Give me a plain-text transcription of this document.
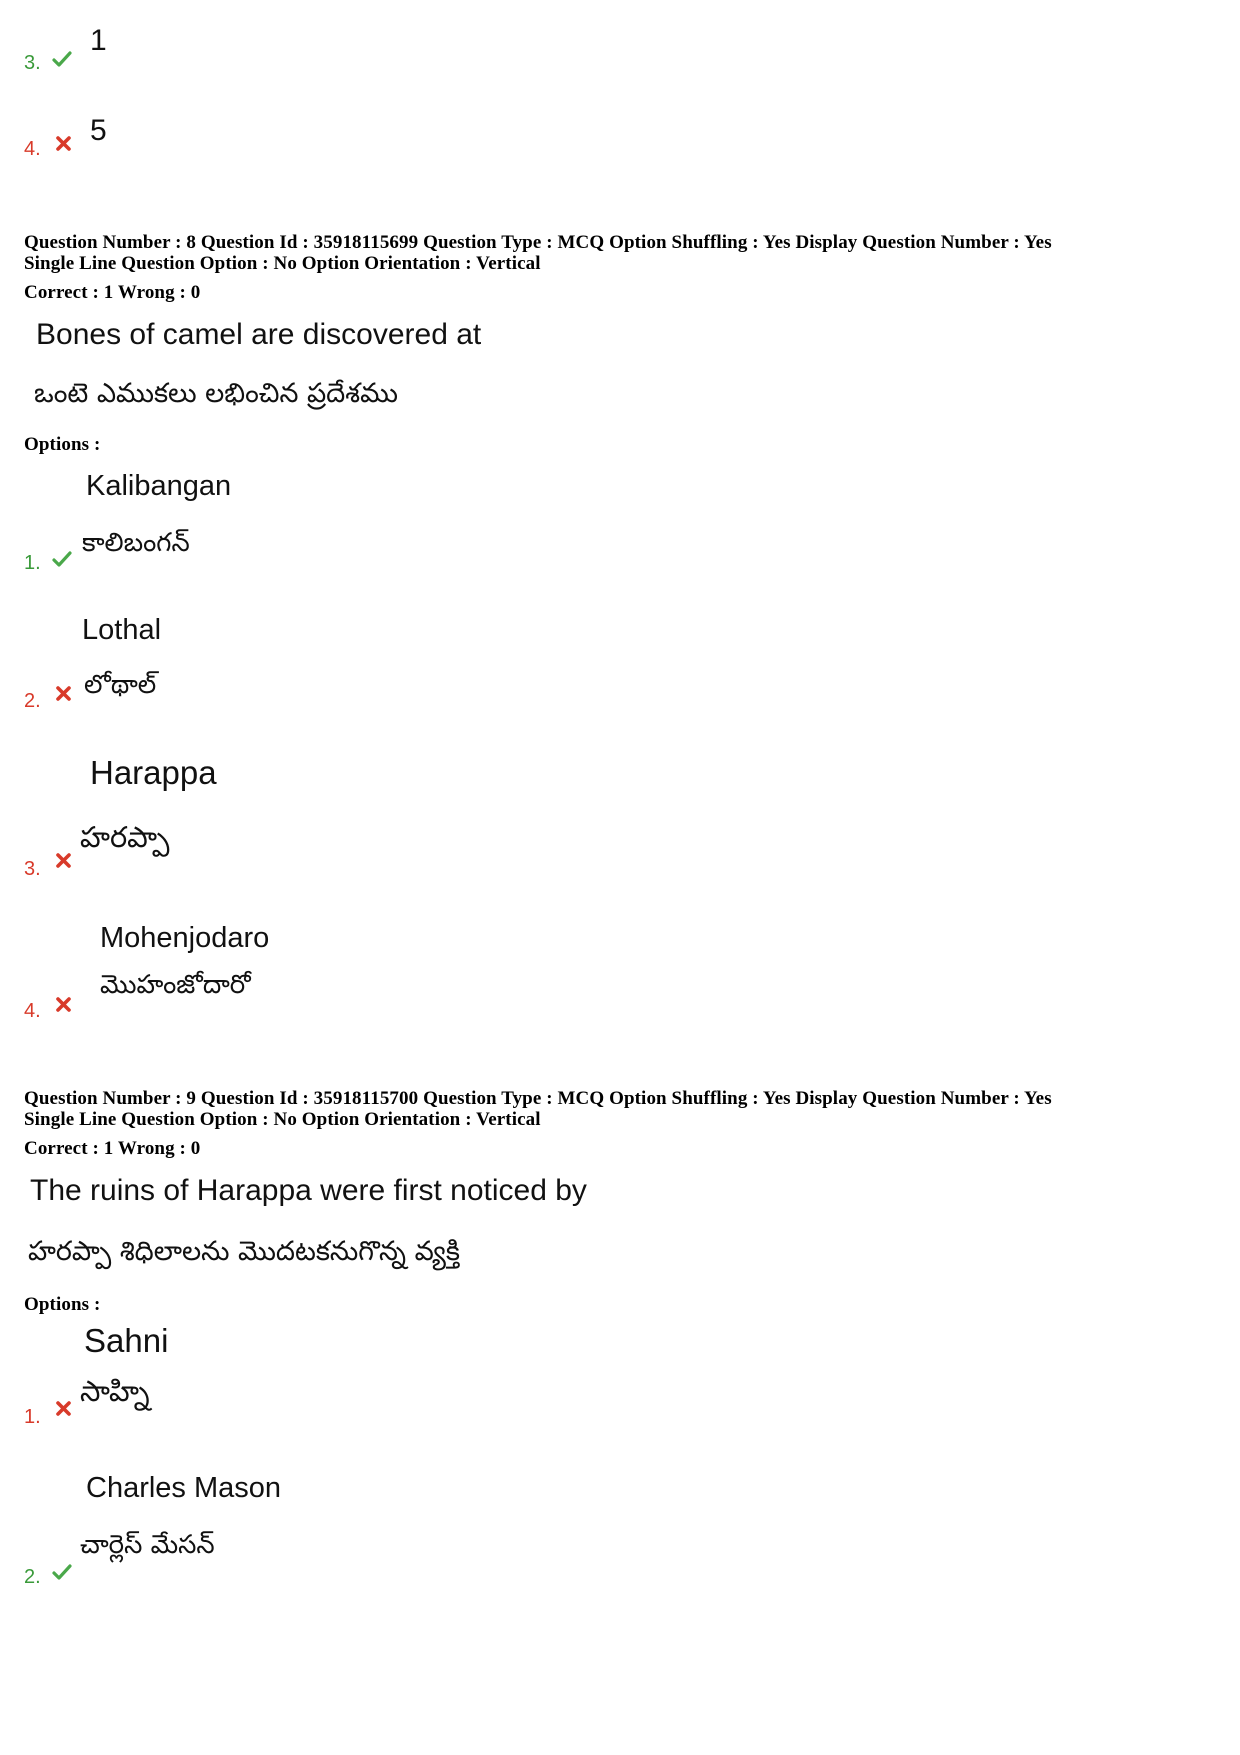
3.
1
4.
5
Question Number : 8 Question Id : 35918115699 Question Type : MCQ Option Shuffling : Yes Display Question Number : Yes
Single Line Question Option : No Option Orientation : Vertical
Correct : 1 Wrong : 0
Bones of camel are discovered at
ఒంటె ఎముకలు లభించిన ప్రదేశము
Options :
Kalibangan
1.
కాలిబంగన్
Lothal
2.
లోథాల్
Harappa
3.
హరప్పా
Mohenjodaro
4.
మొహంజోదారో
Question Number : 9 Question Id : 35918115700 Question Type : MCQ Option Shuffling : Yes Display Question Number : Yes
Single Line Question Option : No Option Orientation : Vertical
Correct : 1 Wrong : 0
The ruins of Harappa were first noticed by
హరప్పా శిధిలాలను మొదటకనుగొన్న వ్యక్తి
Options :
Sahni
1.
సాహ్ని
Charles Mason
2.
చార్లెస్ మేసన్
